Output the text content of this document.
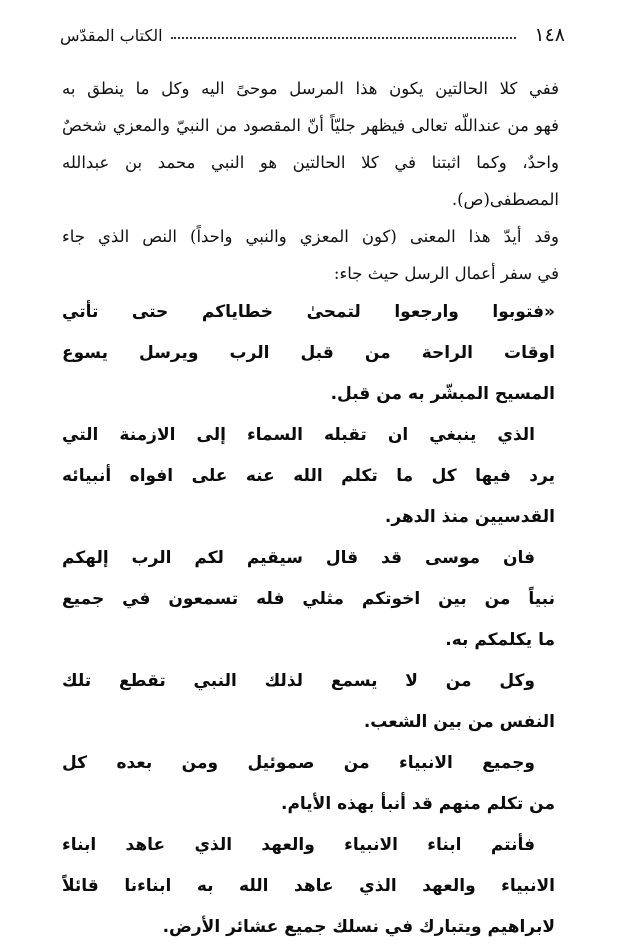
١٤٨
الكتاب المقدّس

ففي كلا الحالتين يكون هذا المرسل موحىً اليه وكل ما ينطق به
فهو من عنداللّه تعالى فيظهر جليّاً أنّ المقصود من النبيّ والمعزي شخصٌ
واحدٌ، وكما اثبتنا في كلا الحالتين هو النبي محمد بن عبدالله
المصطفى(ص).

وقد أيدّ هذا المعنى (كون المعزي والنبي واحداً) النص الذي جاء
في سفر أعمال الرسل حيث جاء:

«فتوبوا وارجعوا لتمحىٰ خطاياكم حتى تأتي
اوقات الراحة من قبل الرب ويرسل يسوع
المسيح المبشّر به من قبل.

الذي ينبغي ان تقبله السماء إلى الازمنة التي
يرد فيها كل ما تكلم الله عنه على افواه أنبيائه
القدسيين منذ الدهر.

فان موسى قد قال سيقيم لكم الرب إلهكم
نبياً من بين اخوتكم مثلي فله تسمعون في جميع
ما يكلمكم به.

وكل من لا يسمع لذلك النبي تقطع تلك
النفس من بين الشعب.

وجميع الانبياء من صموئيل ومن بعده كل
من تكلم منهم قد أنبأ بهذه الأيام.

فأنتم ابناء الانبياء والعهد الذي عاهد ابناء
الانبياء والعهد الذي عاهد الله به ابناءنا قائلاً
لابراهيم ويتبارك في نسلك جميع عشائر الأرض.
